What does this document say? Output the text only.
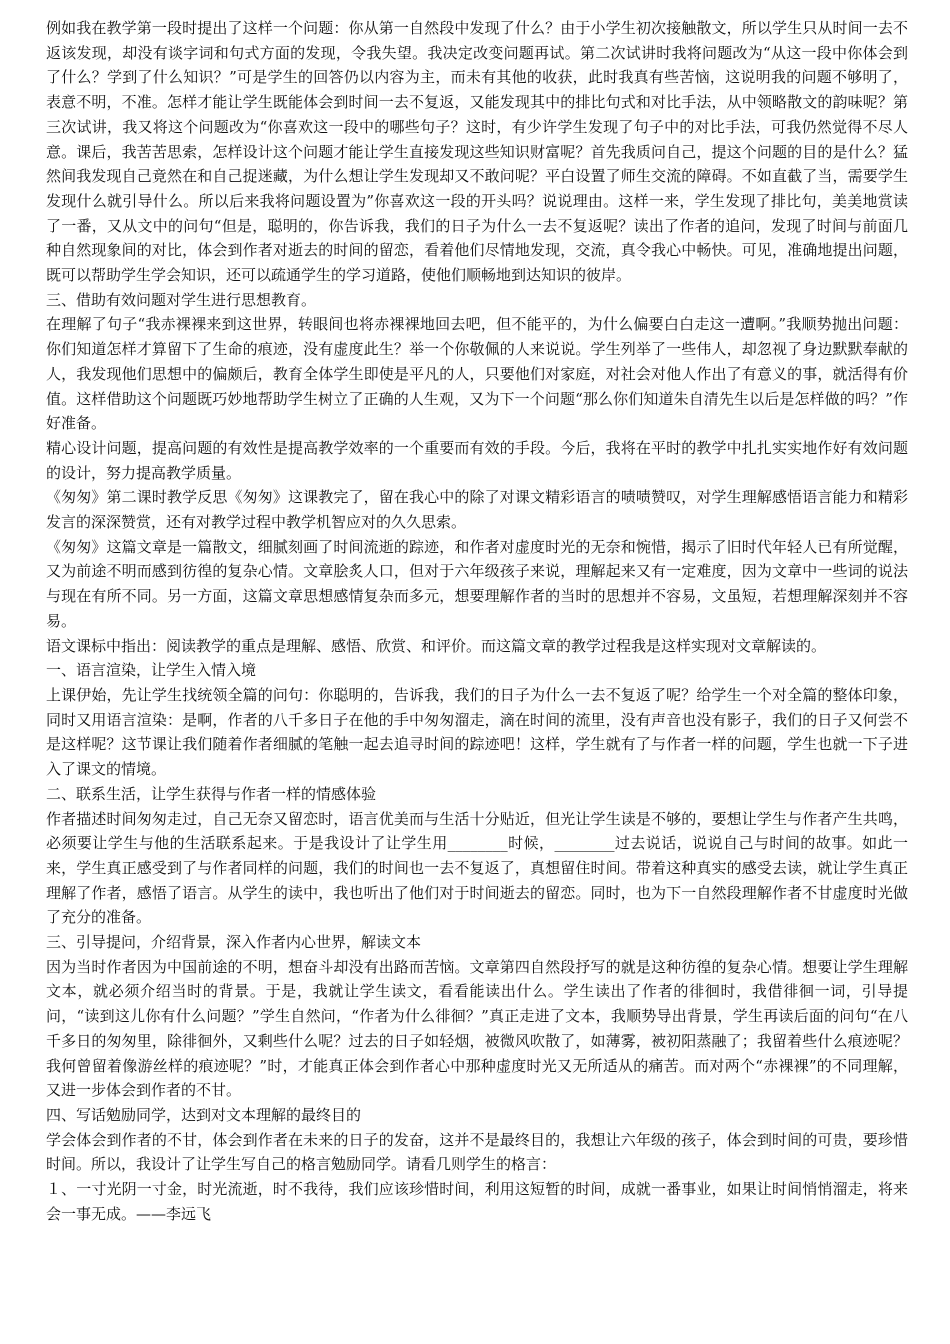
例如我在教学第一段时提出了这样一个问题：你从第一自然段中发现了什么？由于小学生初次接触散文，所以学生只从时间一去不返该发现，却没有谈字词和句式方面的发现，令我失望。我决定改变问题再试。第二次试讲时我将问题改为“从这一段中你体会到了什么？学到了什么知识？”可是学生的回答仍以内容为主，而未有其他的收获，此时我真有些苦恼，这说明我的问题不够明了，表意不明，不准。怎样才能让学生既能体会到时间一去不复返，又能发现其中的排比句式和对比手法，从中领略散文的韵味呢？第三次试讲，我又将这个问题改为“你喜欢这一段中的哪些句子？这时，有少许学生发现了句子中的对比手法，可我仍然觉得不尽人意。课后，我苦苦思索，怎样设计这个问题才能让学生直接发现这些知识财富呢？首先我质问自己，提这个问题的目的是什么？猛然间我发现自己竟然在和自己捉迷藏，为什么想让学生发现却又不敢问呢？平白设置了师生交流的障碍。不如直截了当，需要学生发现什么就引导什么。所以后来我将问题设置为”你喜欢这一段的开头吗？说说理由。这样一来，学生发现了排比句，美美地赏读了一番，又从文中的问句“但是，聪明的，你告诉我，我们的日子为什么一去不复返呢？读出了作者的追问，发现了时间与前面几种自然现象间的对比，体会到作者对逝去的时间的留恋，看着他们尽情地发现，交流，真令我心中畅快。可见，准确地提出问题，既可以帮助学生学会知识，还可以疏通学生的学习道路，使他们顺畅地到达知识的彼岸。

三、借助有效问题对学生进行思想教育。

在理解了句子“我赤裸裸来到这世界，转眼间也将赤裸裸地回去吧，但不能平的，为什么偏要白白走这一遭啊。”我顺势抛出问题：你们知道怎样才算留下了生命的痕迹，没有虚度此生？举一个你敬佩的人来说说。学生列举了一些伟人，却忽视了身边默默奉献的人，我发现他们思想中的偏颇后，教育全体学生即使是平凡的人，只要他们对家庭，对社会对他人作出了有意义的事，就活得有价值。这样借助这个问题既巧妙地帮助学生树立了正确的人生观，又为下一个问题“那么你们知道朱自清先生以后是怎样做的吗？”作好准备。

精心设计问题，提高问题的有效性是提高教学效率的一个重要而有效的手段。今后，我将在平时的教学中扎扎实实地作好有效问题的设计，努力提高教学质量。

《匆匆》第二课时教学反思《匆匆》这课教完了，留在我心中的除了对课文精彩语言的啧啧赞叹，对学生理解感悟语言能力和精彩发言的深深赞赏，还有对教学过程中教学机智应对的久久思索。

《匆匆》这篇文章是一篇散文，细腻刻画了时间流逝的踪迹，和作者对虚度时光的无奈和惋惜，揭示了旧时代年轻人已有所觉醒，又为前途不明而感到彷徨的复杂心情。文章脍炙人口，但对于六年级孩子来说，理解起来又有一定难度，因为文章中一些词的说法与现在有所不同。另一方面，这篇文章思想感情复杂而多元，想要理解作者的当时的思想并不容易，文虽短，若想理解深刻并不容易。

语文课标中指出：阅读教学的重点是理解、感悟、欣赏、和评价。而这篇文章的教学过程我是这样实现对文章解读的。

一、语言渲染，让学生入情入境

上课伊始，先让学生找统领全篇的问句：你聪明的，告诉我，我们的日子为什么一去不复返了呢？给学生一个对全篇的整体印象，同时又用语言渲染：是啊，作者的八千多日子在他的手中匆匆溜走，滴在时间的流里，没有声音也没有影子，我们的日子又何尝不是这样呢？这节课让我们随着作者细腻的笔触一起去追寻时间的踪迹吧！这样，学生就有了与作者一样的问题，学生也就一下子进入了课文的情境。

二、联系生活，让学生获得与作者一样的情感体验

作者描述时间匆匆走过，自己无奈又留恋时，语言优美而与生活十分贴近，但光让学生读是不够的，要想让学生与作者产生共鸣，必须要让学生与他的生活联系起来。于是我设计了让学生用________时候，________过去说话，说说自己与时间的故事。如此一来，学生真正感受到了与作者同样的问题，我们的时间也一去不复返了，真想留住时间。带着这种真实的感受去读，就让学生真正理解了作者，感悟了语言。从学生的读中，我也听出了他们对于时间逝去的留恋。同时，也为下一自然段理解作者不甘虚度时光做了充分的准备。

三、引导提问，介绍背景，深入作者内心世界，解读文本

因为当时作者因为中国前途的不明，想奋斗却没有出路而苦恼。文章第四自然段抒写的就是这种彷徨的复杂心情。想要让学生理解文本，就必须介绍当时的背景。于是，我就让学生读文，看看能读出什么。学生读出了作者的徘徊时，我借徘徊一词，引导提问，“读到这儿你有什么问题？”学生自然问，“作者为什么徘徊？”真正走进了文本，我顺势导出背景，学生再读后面的问句“在八千多日的匆匆里，除徘徊外，又剩些什么呢？过去的日子如轻烟，被微风吹散了，如薄雾，被初阳蒸融了；我留着些什么痕迹呢？我何曾留着像游丝样的痕迹呢？”时，才能真正体会到作者心中那种虚度时光又无所适从的痛苦。而对两个“赤裸裸”的不同理解，又进一步体会到作者的不甘。

四、写话勉励同学，达到对文本理解的最终目的

学会体会到作者的不甘，体会到作者在未来的日子的发奋，这并不是最终目的，我想让六年级的孩子，体会到时间的可贵，要珍惜时间。所以，我设计了让学生写自己的格言勉励同学。请看几则学生的格言：

１、一寸光阴一寸金，时光流逝，时不我待，我们应该珍惜时间，利用这短暂的时间，成就一番事业，如果让时间悄悄溜走，将来会一事无成。——李远飞
